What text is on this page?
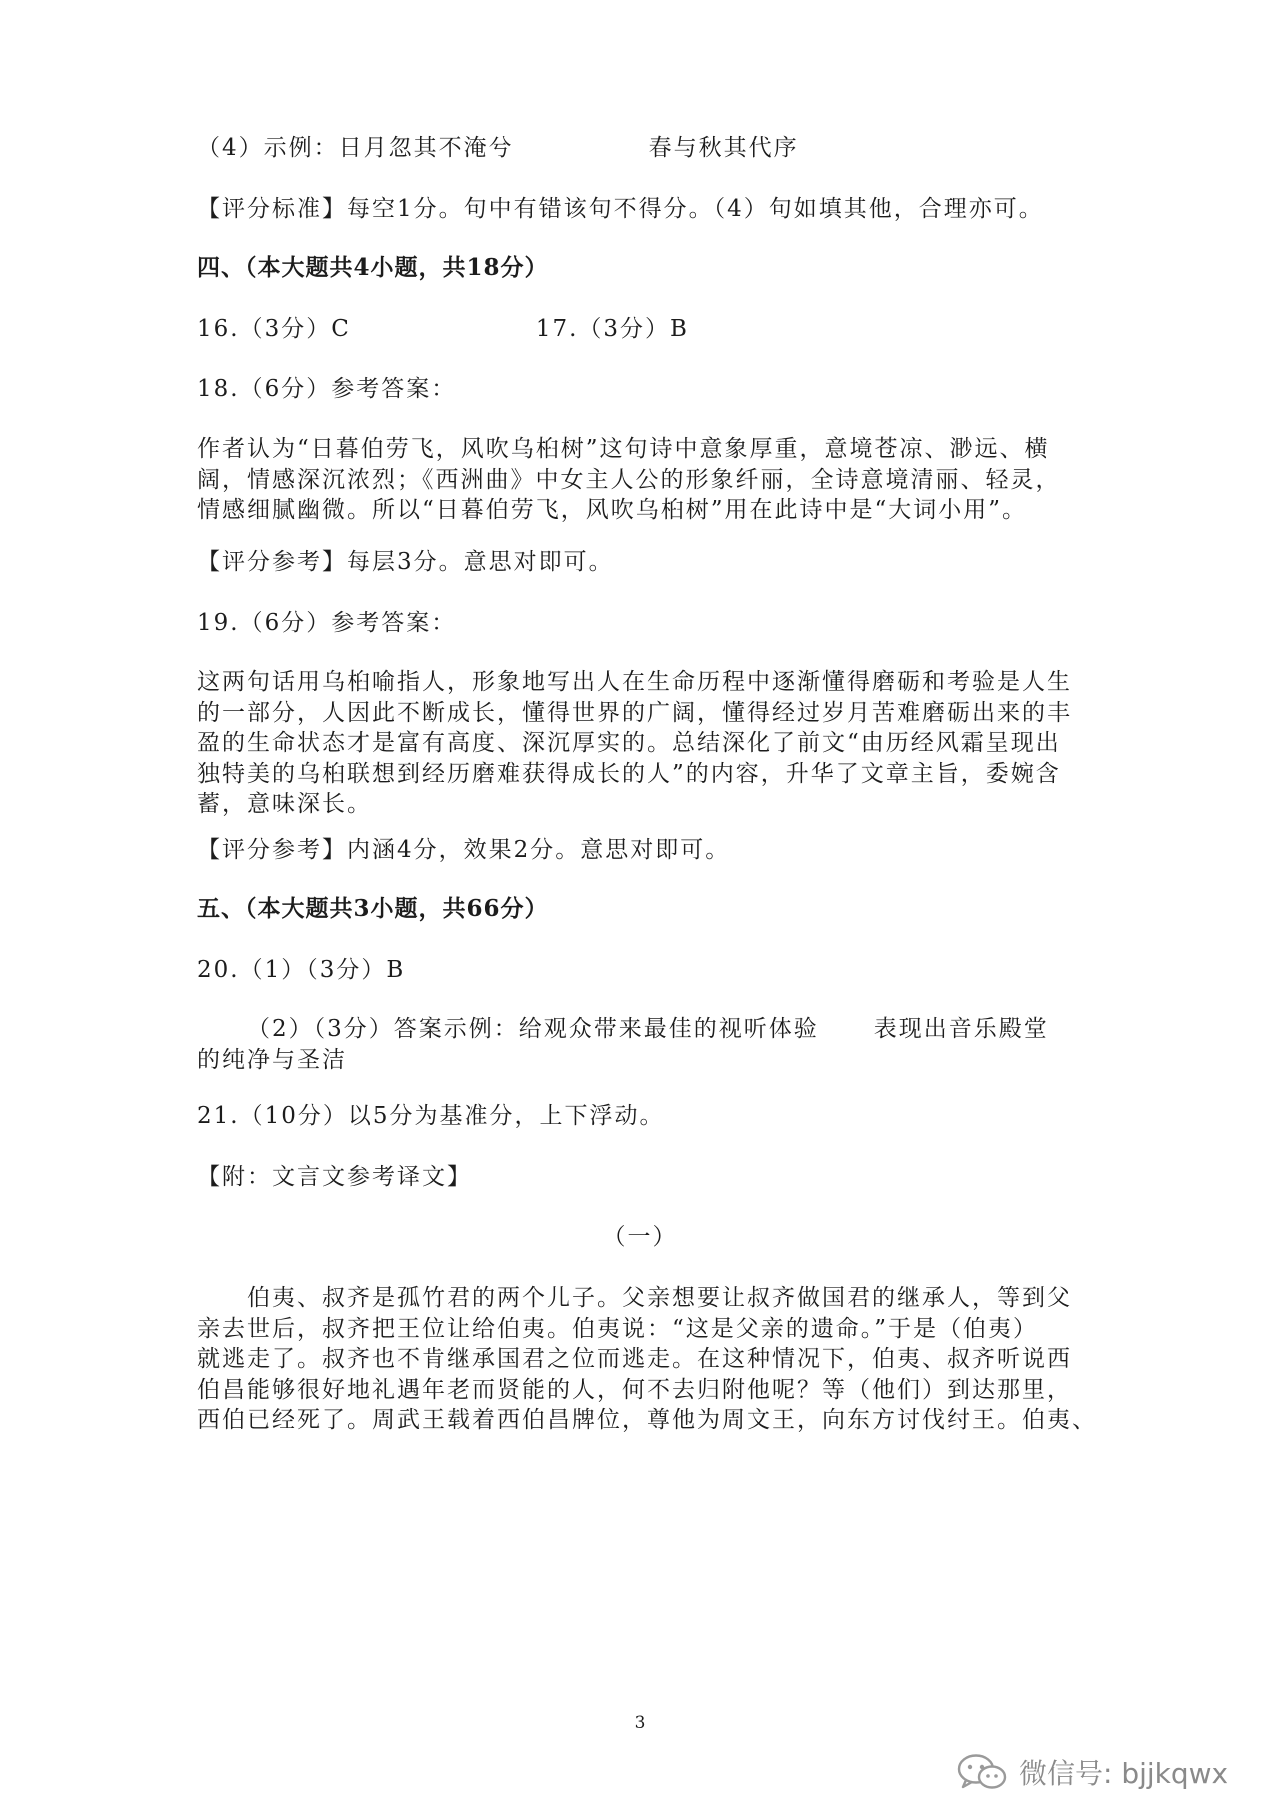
（4）示例：日月忽其不淹兮	春与秋其代序

【评分标准】每空1分。句中有错该句不得分。（4）句如填其他，合理亦可。

四、（本大题共4小题，共18分）

16.（3分）C	17.（3分）B

18.（6分）参考答案：

作者认为“日暮伯劳飞，风吹乌桕树”这句诗中意象厚重，意境苍凉、渺远、横
阔，情感深沉浓烈；《西洲曲》中女主人公的形象纤丽，全诗意境清丽、轻灵，
情感细腻幽微。所以“日暮伯劳飞，风吹乌桕树”用在此诗中是“大词小用”。

【评分参考】每层3分。意思对即可。

19.（6分）参考答案：

这两句话用乌桕喻指人，形象地写出人在生命历程中逐渐懂得磨砺和考验是人生
的一部分，人因此不断成长，懂得世界的广阔，懂得经过岁月苦难磨砺出来的丰
盈的生命状态才是富有高度、深沉厚实的。总结深化了前文“由历经风霜呈现出
独特美的乌桕联想到经历磨难获得成长的人”的内容，升华了文章主旨，委婉含
蓄，意味深长。

【评分参考】内涵4分，效果2分。意思对即可。

五、（本大题共3小题，共66分）

20.（1）（3分）B

（2）（3分）答案示例：给观众带来最佳的视听体验 表现出音乐殿堂
的纯净与圣洁

21.（10分）以5分为基准分，上下浮动。

【附：文言文参考译文】

（一）

伯夷、叔齐是孤竹君的两个儿子。父亲想要让叔齐做国君的继承人，等到父
亲去世后，叔齐把王位让给伯夷。伯夷说：“这是父亲的遗命。”于是（伯夷）
就逃走了。叔齐也不肯继承国君之位而逃走。在这种情况下，伯夷、叔齐听说西
伯昌能够很好地礼遇年老而贤能的人，何不去归附他呢？等（他们）到达那里，
西伯已经死了。周武王载着西伯昌牌位，尊他为周文王，向东方讨伐纣王。伯夷、

3

微信号: bjjkqwx
